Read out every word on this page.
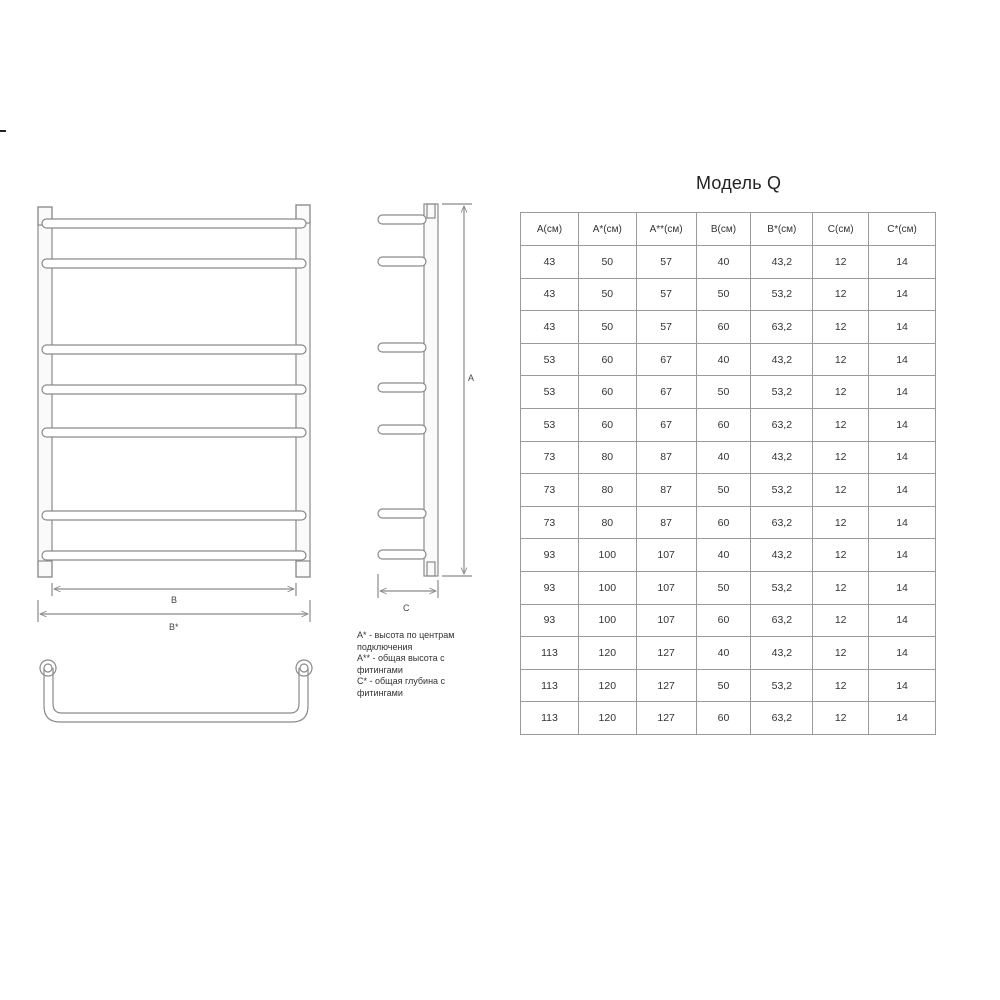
B
B*
A
C
A* - высота по центрам
подключения
A** - общая высота с
фитингами
C* - общая глубина с
фитингами
Модель Q
А(см)	А*(см)	А**(см)	В(см)	В*(см)	С(см)	С*(см)
43	50	57	40	43,2	12	14
43	50	57	50	53,2	12	14
43	50	57	60	63,2	12	14
53	60	67	40	43,2	12	14
53	60	67	50	53,2	12	14
53	60	67	60	63,2	12	14
73	80	87	40	43,2	12	14
73	80	87	50	53,2	12	14
73	80	87	60	63,2	12	14
93	100	107	40	43,2	12	14
93	100	107	50	53,2	12	14
93	100	107	60	63,2	12	14
113	120	127	40	43,2	12	14
113	120	127	50	53,2	12	14
113	120	127	60	63,2	12	14
